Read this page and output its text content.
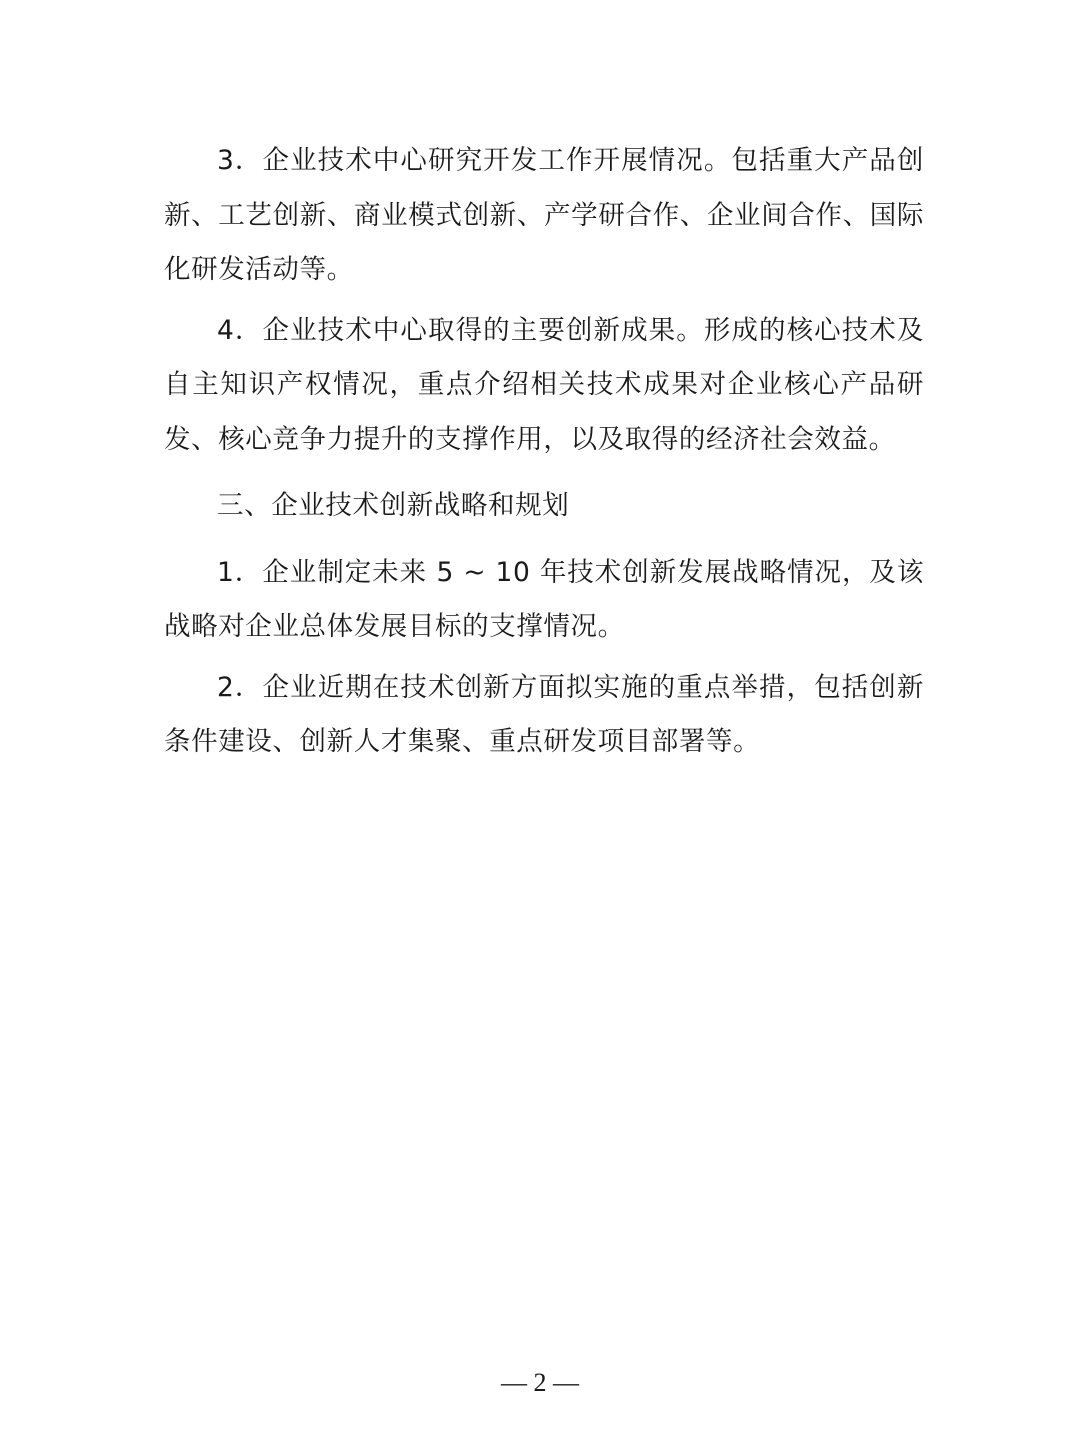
3．企业技术中心研究开发工作开展情况。包括重大产品创新、工艺创新、商业模式创新、产学研合作、企业间合作、国际化研发活动等。

4．企业技术中心取得的主要创新成果。形成的核心技术及自主知识产权情况，重点介绍相关技术成果对企业核心产品研发、核心竞争力提升的支撑作用，以及取得的经济社会效益。

三、企业技术创新战略和规划

1．企业制定未来 5 ~ 10 年技术创新发展战略情况，及该战略对企业总体发展目标的支撑情况。

2．企业近期在技术创新方面拟实施的重点举措，包括创新条件建设、创新人才集聚、重点研发项目部署等。

— 2 —
